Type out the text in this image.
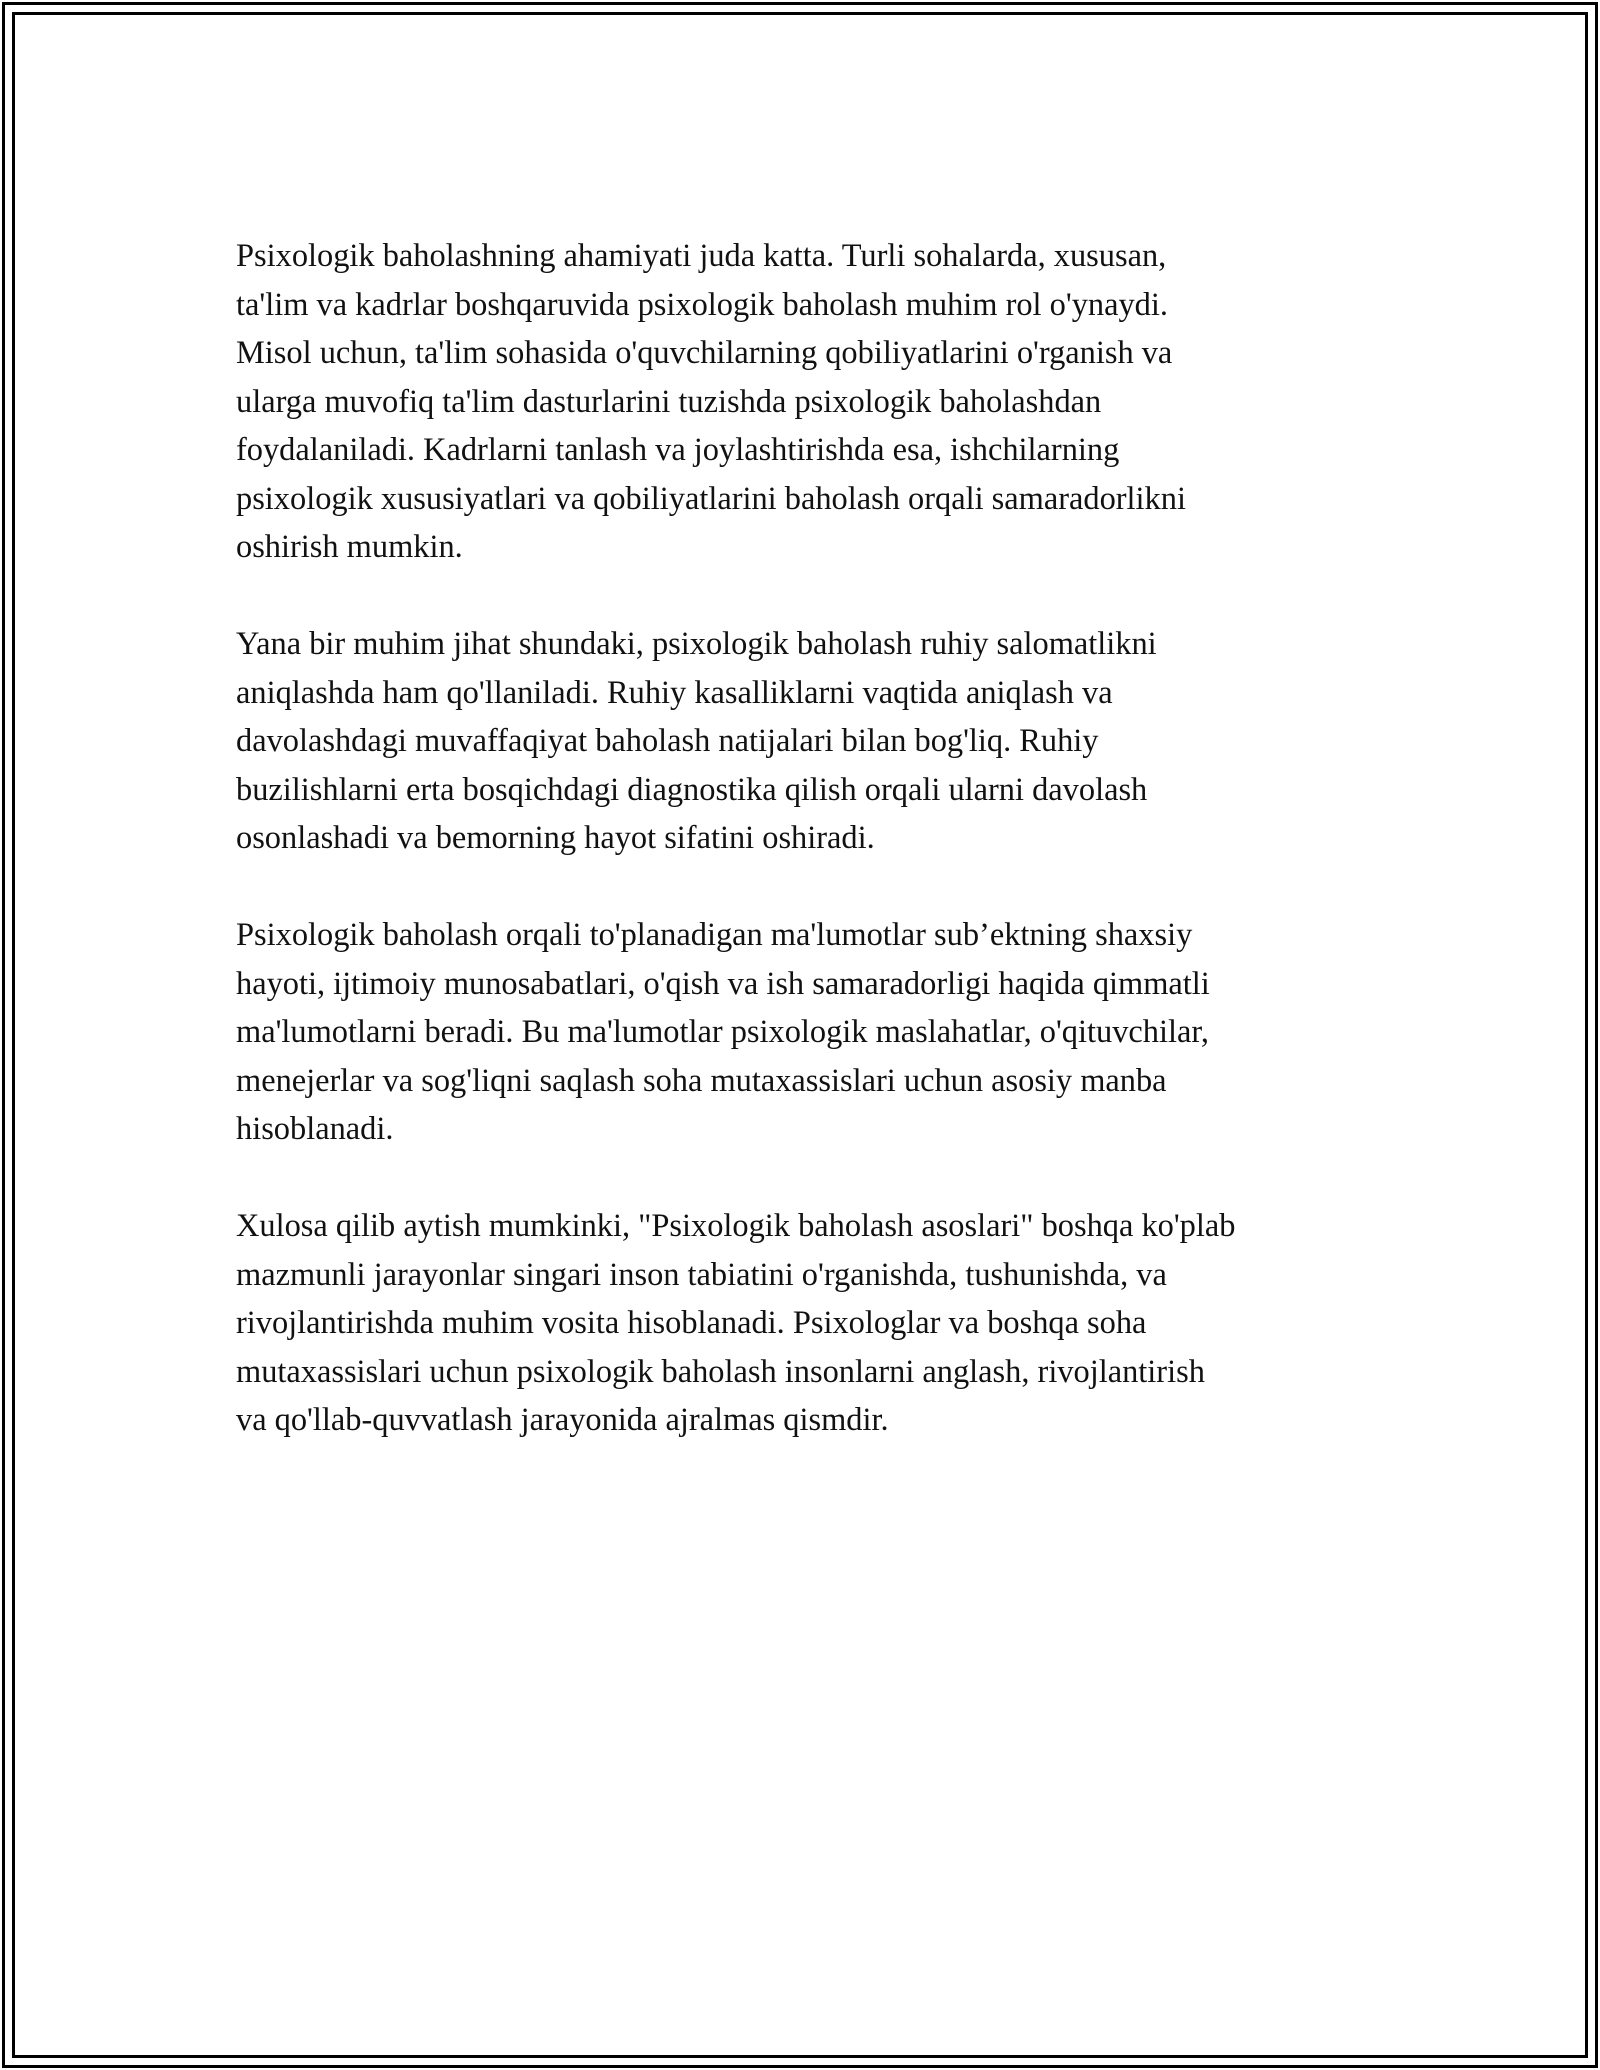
Psixologik baholashning ahamiyati juda katta. Turli sohalarda, xususan,
ta'lim va kadrlar boshqaruvida psixologik baholash muhim rol o'ynaydi.
Misol uchun, ta'lim sohasida o'quvchilarning qobiliyatlarini o'rganish va
ularga muvofiq ta'lim dasturlarini tuzishda psixologik baholashdan
foydalaniladi. Kadrlarni tanlash va joylashtirishda esa, ishchilarning
psixologik xususiyatlari va qobiliyatlarini baholash orqali samaradorlikni
oshirish mumkin.

Yana bir muhim jihat shundaki, psixologik baholash ruhiy salomatlikni
aniqlashda ham qo'llaniladi. Ruhiy kasalliklarni vaqtida aniqlash va
davolashdagi muvaffaqiyat baholash natijalari bilan bog'liq. Ruhiy
buzilishlarni erta bosqichdagi diagnostika qilish orqali ularni davolash
osonlashadi va bemorning hayot sifatini oshiradi.

Psixologik baholash orqali to'planadigan ma'lumotlar sub’ektning shaxsiy
hayoti, ijtimoiy munosabatlari, o'qish va ish samaradorligi haqida qimmatli
ma'lumotlarni beradi. Bu ma'lumotlar psixologik maslahatlar, o'qituvchilar,
menejerlar va sog'liqni saqlash soha mutaxassislari uchun asosiy manba
hisoblanadi.

Xulosa qilib aytish mumkinki, "Psixologik baholash asoslari" boshqa ko'plab
mazmunli jarayonlar singari inson tabiatini o'rganishda, tushunishda, va
rivojlantirishda muhim vosita hisoblanadi. Psixologlar va boshqa soha
mutaxassislari uchun psixologik baholash insonlarni anglash, rivojlantirish
va qo'llab-quvvatlash jarayonida ajralmas qismdir.
